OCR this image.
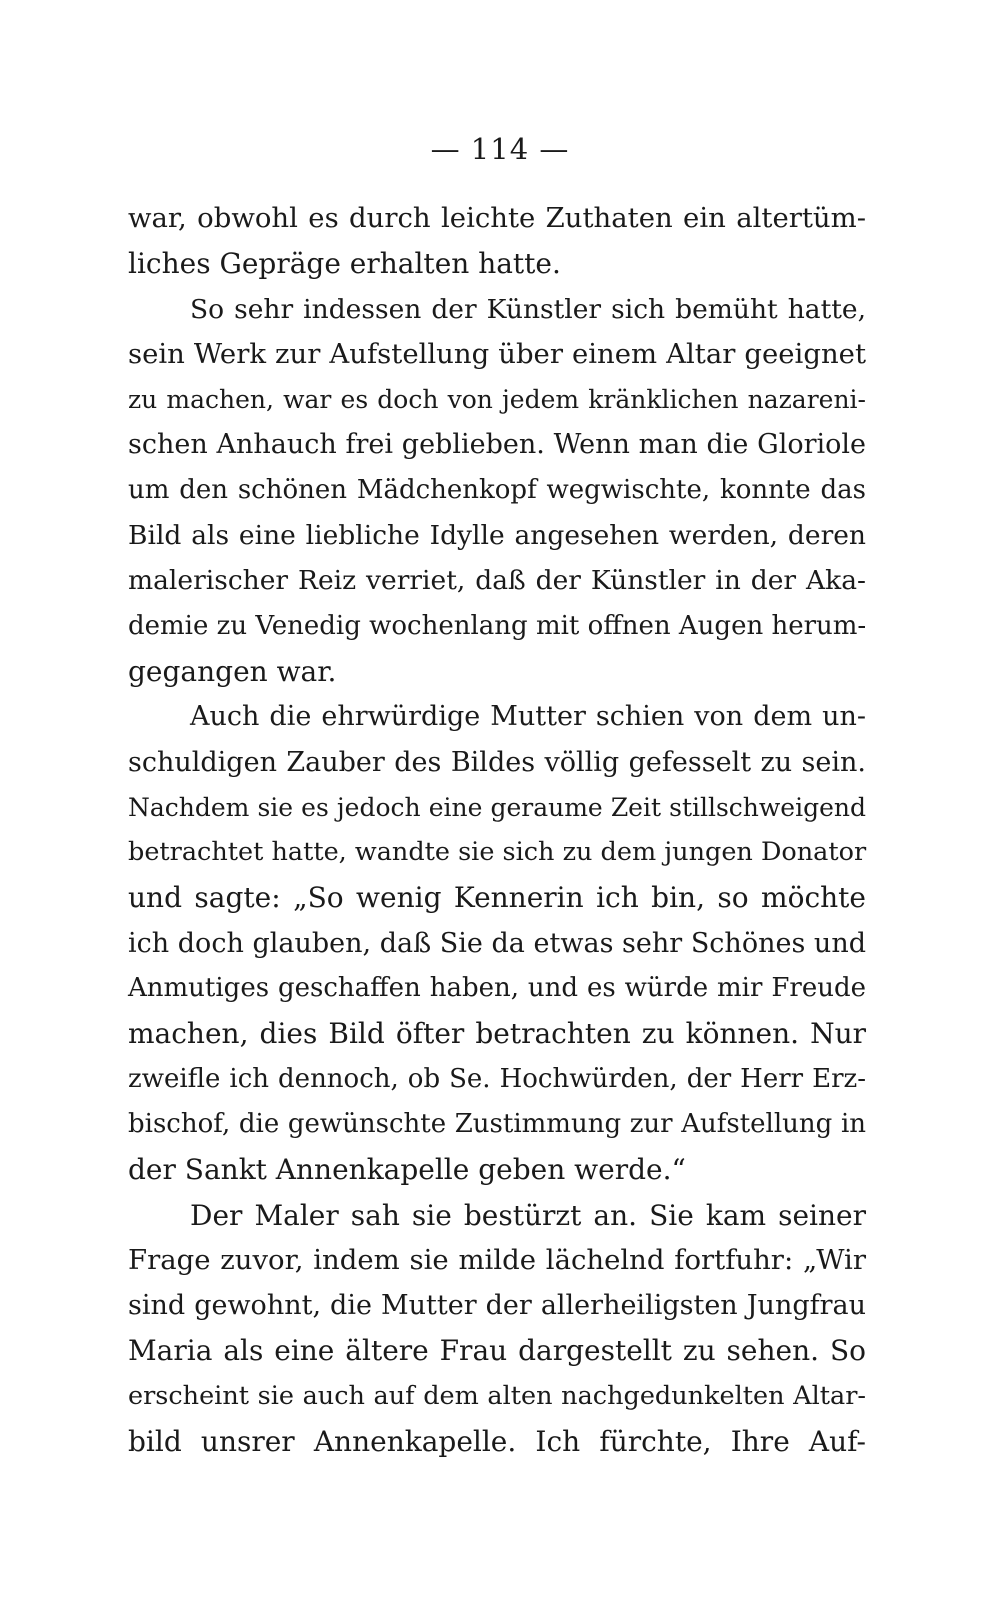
— 114 —
war, obwohl es durch leichte Zuthaten ein altertüm-
liches Gepräge erhalten hatte.
So sehr indessen der Künstler sich bemüht hatte,
sein Werk zur Aufstellung über einem Altar geeignet
zu machen, war es doch von jedem kränklichen nazareni-
schen Anhauch frei geblieben. Wenn man die Gloriole
um den schönen Mädchenkopf wegwischte, konnte das
Bild als eine liebliche Idylle angesehen werden, deren
malerischer Reiz verriet, daß der Künstler in der Aka-
demie zu Venedig wochenlang mit offnen Augen herum-
gegangen war.
Auch die ehrwürdige Mutter schien von dem un-
schuldigen Zauber des Bildes völlig gefesselt zu sein.
Nachdem sie es jedoch eine geraume Zeit stillschweigend
betrachtet hatte, wandte sie sich zu dem jungen Donator
und sagte: „So wenig Kennerin ich bin, so möchte
ich doch glauben, daß Sie da etwas sehr Schönes und
Anmutiges geschaffen haben, und es würde mir Freude
machen, dies Bild öfter betrachten zu können. Nur
zweifle ich dennoch, ob Se. Hochwürden, der Herr Erz-
bischof, die gewünschte Zustimmung zur Aufstellung in
der Sankt Annenkapelle geben werde.“
Der Maler sah sie bestürzt an. Sie kam seiner
Frage zuvor, indem sie milde lächelnd fortfuhr: „Wir
sind gewohnt, die Mutter der allerheiligsten Jungfrau
Maria als eine ältere Frau dargestellt zu sehen. So
erscheint sie auch auf dem alten nachgedunkelten Altar-
bild unsrer Annenkapelle. Ich fürchte, Ihre Auf-
